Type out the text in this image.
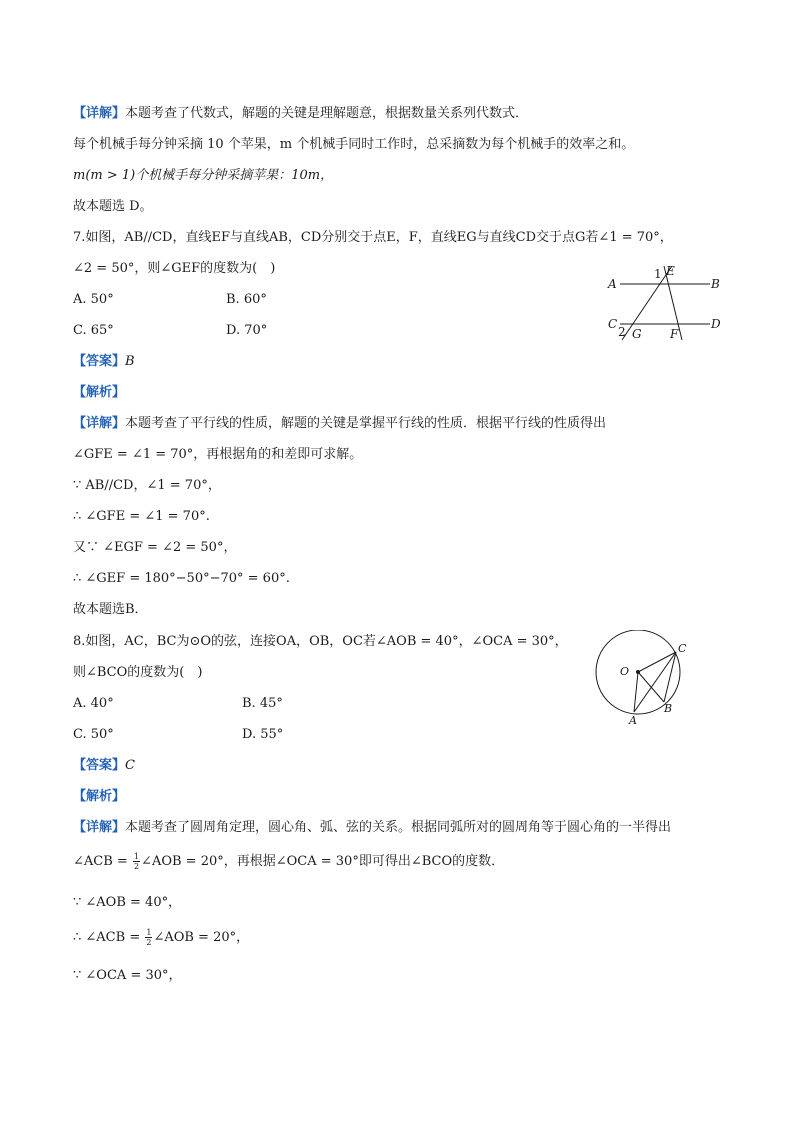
【详解】本题考查了代数式，解题的关键是理解题意，根据数量关系列代数式．
每个机械手每分钟采摘 10 个苹果，m 个机械手同时工作时，总采摘数为每个机械手的效率之和。
m(m > 1)个机械手每分钟采摘苹果：10m，
故本题选 D。
7.如图，AB//CD，直线EF与直线AB，CD分别交于点E，F，直线EG与直线CD交于点G若∠1 = 70°，
∠2 = 50°，则∠GEF的度数为(　)
A. 50°	B. 60°
C. 65°	D. 70°
A	B
C	D
E
F
G
1
2
【答案】B
【解析】
【详解】本题考查了平行线的性质，解题的关键是掌握平行线的性质．根据平行线的性质得出
∠GFE = ∠1 = 70°，再根据角的和差即可求解。
∵ AB//CD，∠1 = 70°，
∴ ∠GFE = ∠1 = 70°.
又∵ ∠EGF = ∠2 = 50°，
∴ ∠GEF = 180°−50°−70° = 60°.
故本题选B．
8.如图，AC，BC为⊙O的弦，连接OA，OB，OC若∠AOB = 40°，∠OCA = 30°，
则∠BCO的度数为(　)
A. 40°	B. 45°
C. 50°	D. 55°
O
A
B
C
【答案】C
【解析】
【详解】本题考查了圆周角定理，圆心角、弧、弦的关系。根据同弧所对的圆周角等于圆心角的一半得出
∠ACB = $\frac{1}{2}$ ∠AOB = 20°，再根据∠OCA = 30°即可得出∠BCO的度数．
∵ ∠AOB = 40°，
∴ ∠ACB = $\frac{1}{2}$ ∠AOB = 20°，
∵ ∠OCA = 30°，
